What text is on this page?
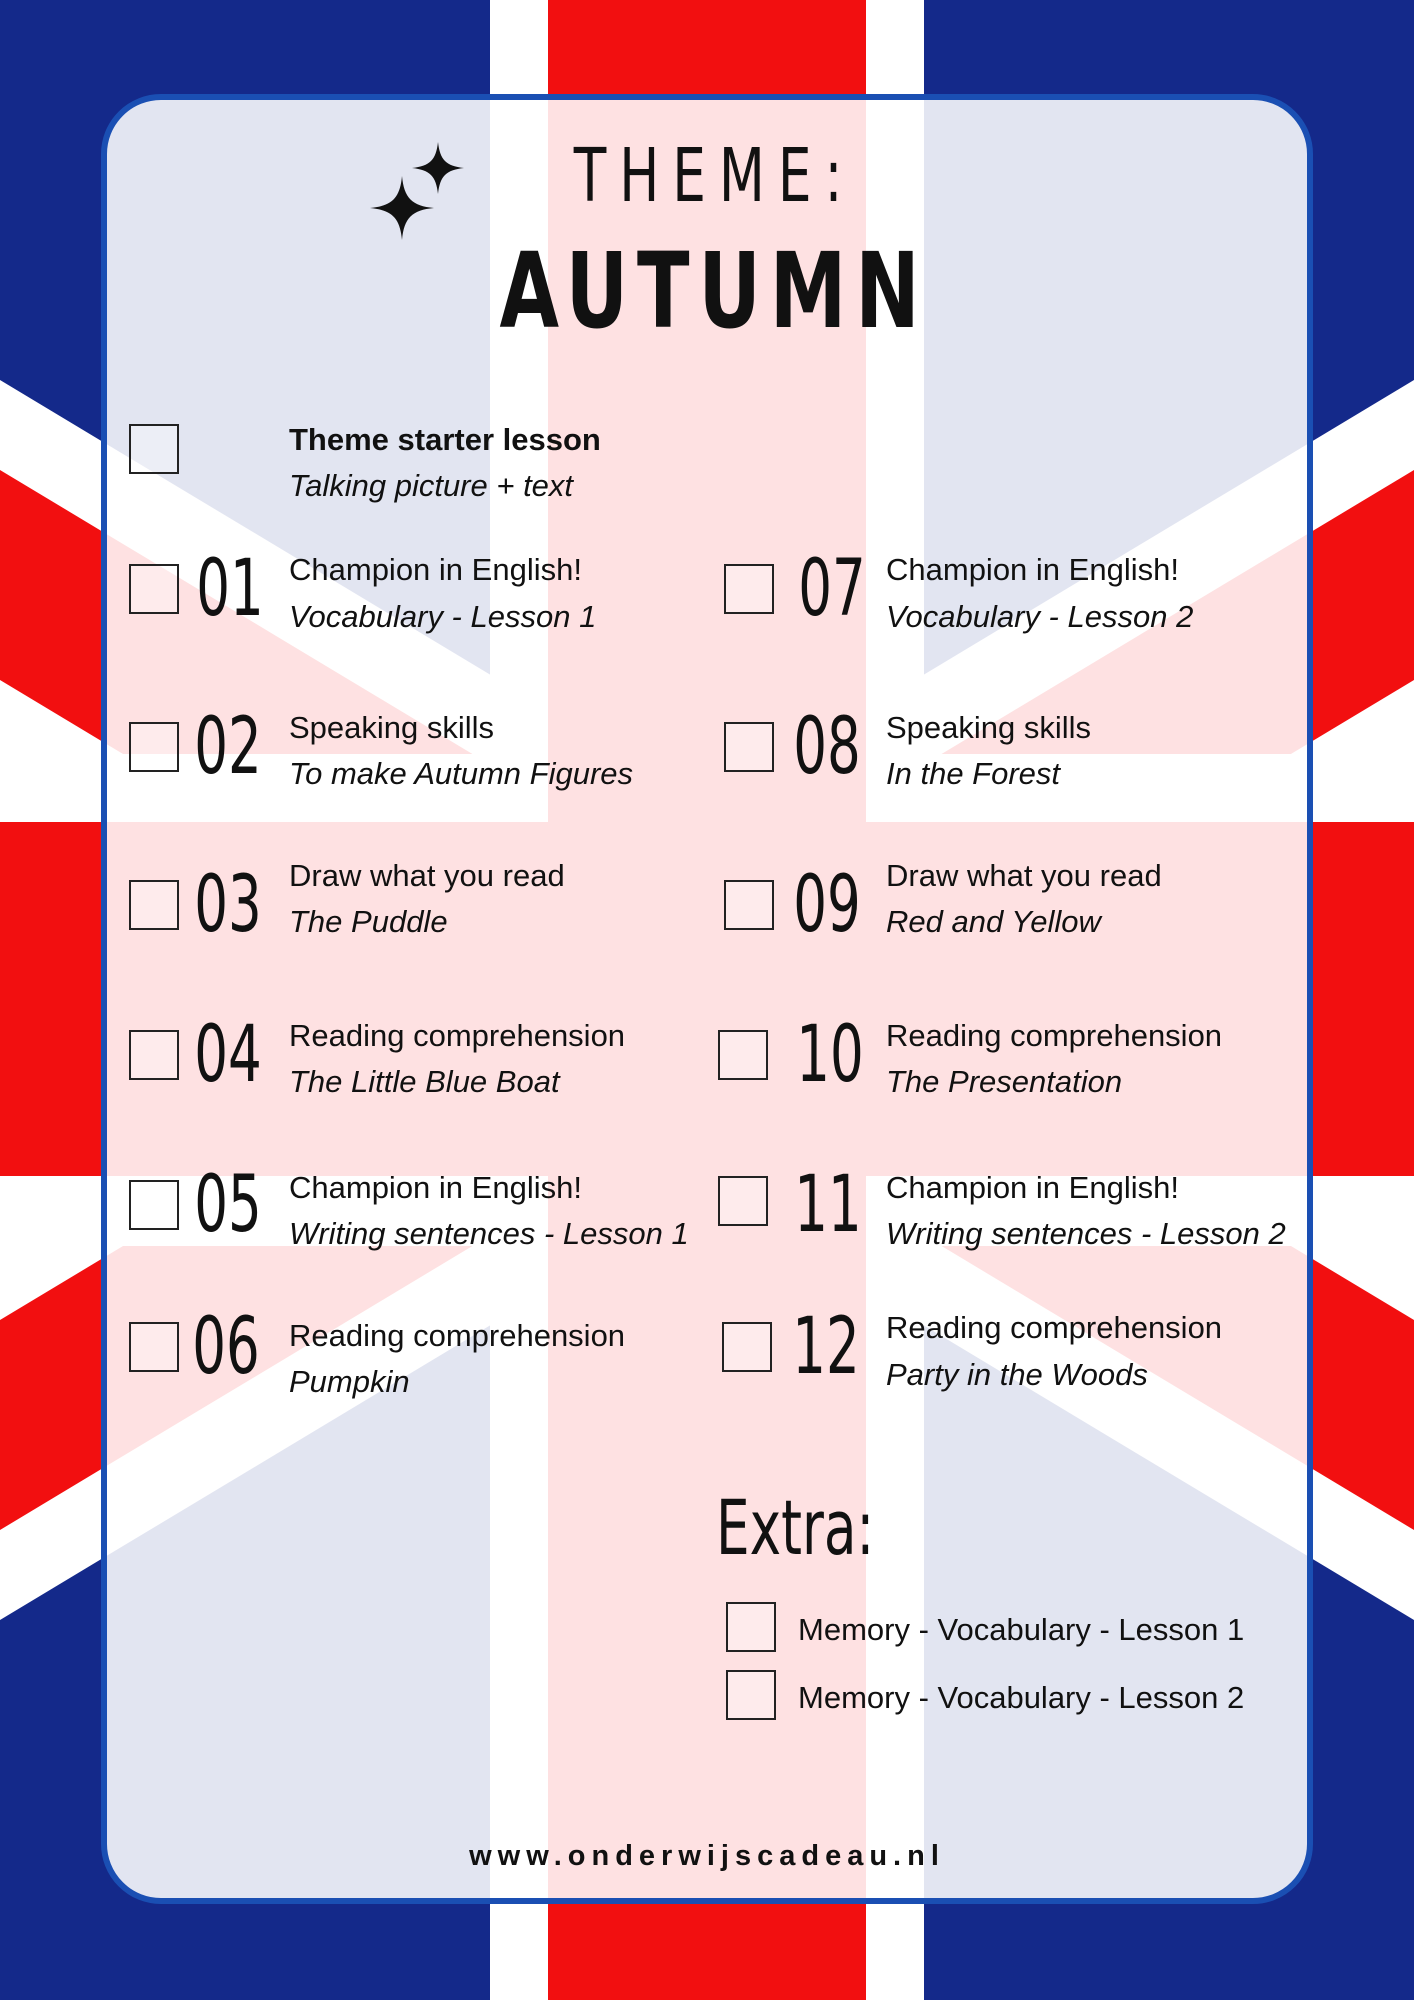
THEME:
AUTUMN
Theme starter lesson
Talking picture + text
01 Champion in English!
Vocabulary - Lesson 1
02 Speaking skills
To make Autumn Figures
03 Draw what you read
The Puddle
04 Reading comprehension
The Little Blue Boat
05 Champion in English!
Writing sentences - Lesson 1
06 Reading comprehension
Pumpkin
07 Champion in English!
Vocabulary - Lesson 2
08 Speaking skills
In the Forest
09 Draw what you read
Red and Yellow
10 Reading comprehension
The Presentation
11 Champion in English!
Writing sentences - Lesson 2
12 Reading comprehension
Party in the Woods
Extra:
Memory - Vocabulary - Lesson 1
Memory - Vocabulary - Lesson 2
www.onderwijscadeau.nl
